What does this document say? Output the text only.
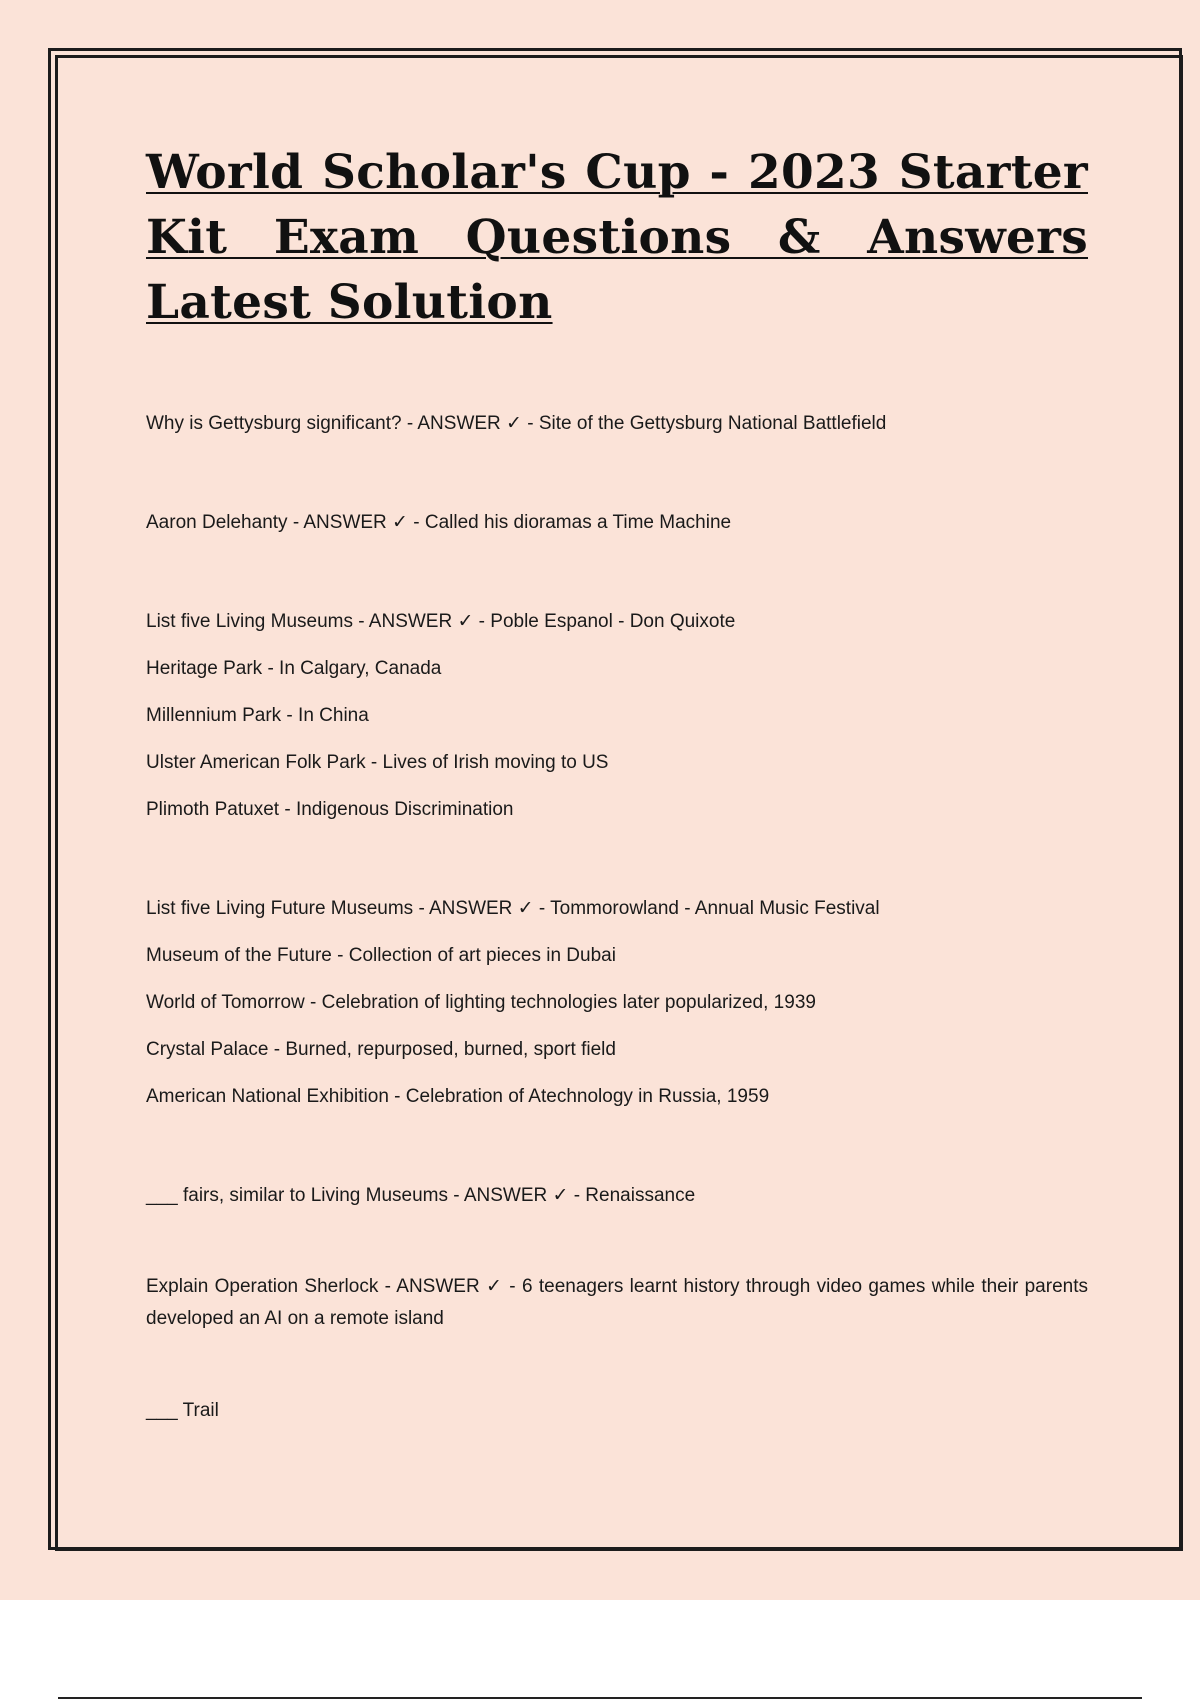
World Scholar's Cup - 2023 Starter Kit Exam Questions & Answers Latest Solution

Why is Gettysburg significant? - ANSWER ✓ - Site of the Gettysburg National Battlefield

Aaron Delehanty - ANSWER ✓ - Called his dioramas a Time Machine

List five Living Museums - ANSWER ✓ - Poble Espanol - Don Quixote

Heritage Park - In Calgary, Canada

Millennium Park - In China

Ulster American Folk Park - Lives of Irish moving to US

Plimoth Patuxet - Indigenous Discrimination

List five Living Future Museums - ANSWER ✓ - Tommorowland - Annual Music Festival

Museum of the Future - Collection of art pieces in Dubai

World of Tomorrow - Celebration of lighting technologies later popularized, 1939

Crystal Palace - Burned, repurposed, burned, sport field

American National Exhibition - Celebration of Atechnology in Russia, 1959

___ fairs, similar to Living Museums - ANSWER ✓ - Renaissance

Explain Operation Sherlock - ANSWER ✓ - 6 teenagers learnt history through video games while their parents developed an AI on a remote island

___ Trail
